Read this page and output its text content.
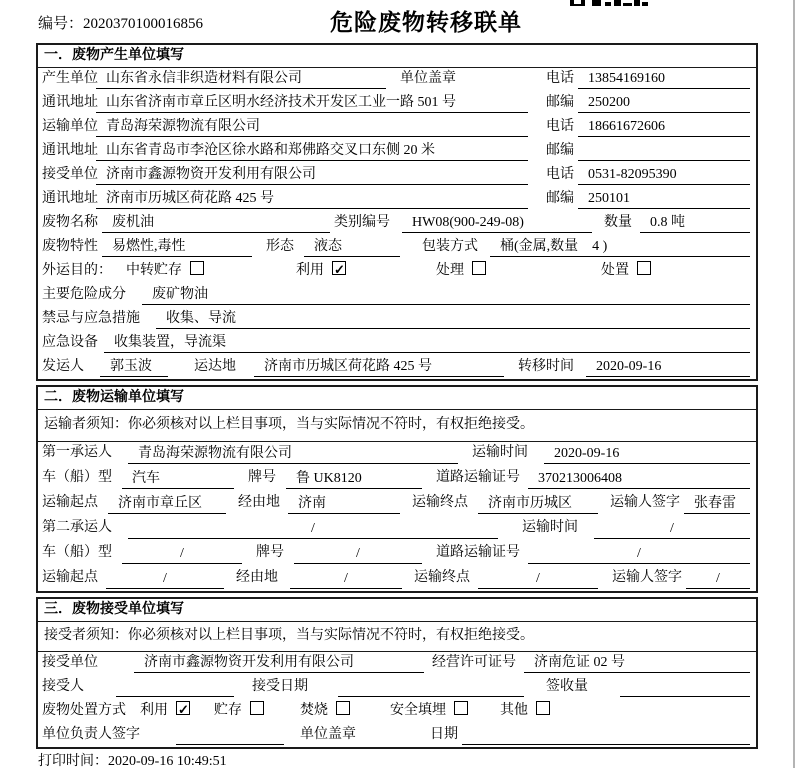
编号：2020370100016856	危险废物转移联单
一．废物产生单位填写
产生单位 山东省永信非织造材料有限公司	单位盖章	电话	13854169160
通讯地址 山东省济南市章丘区明水经济技术开发区工业一路 501 号	邮编	250200
运输单位 青岛海荣源物流有限公司	电话	18661672606
通讯地址 山东省青岛市李沧区徐水路和郑佛路交叉口东侧 20 米	邮编
接受单位 济南市鑫源物资开发利用有限公司	电话	0531-82095390
通讯地址 济南市历城区荷花路 425 号	邮编	250101
废物名称	废机油	类别编号	HW08(900-249-08)	数量	0.8 吨
废物特性	易燃性,毒性	形态	液态	包装方式	桶(金属,数量　4 )
外运目的： 中转贮存	利用 ✓	处理	处置
主要危险成分	废矿物油
禁忌与应急措施	收集、导流
应急设备	收集装置，导流渠
发运人	郭玉波	运达地	济南市历城区荷花路 425 号	转移时间	2020-09-16
二．废物运输单位填写
运输者须知：你必须核对以上栏目事项，当与实际情况不符时，有权拒绝接受。
第一承运人	青岛海荣源物流有限公司	运输时间	2020-09-16
车（船）型	汽车	牌号	鲁 UK8120	道路运输证号	370213006408
运输起点	济南市章丘区	经由地	济南	运输终点	济南市历城区	运输人签字	张春雷
第二承运人	/	运输时间	/
车（船）型	/	牌号	/	道路运输证号	/
运输起点	/	经由地	/	运输终点	/	运输人签字	/
三．废物接受单位填写
接受者须知：你必须核对以上栏目事项，当与实际情况不符时，有权拒绝接受。
接受单位	济南市鑫源物资开发利用有限公司	经营许可证号	济南危证 02 号
接受人	接受日期	签收量
废物处置方式 利用 ✓	贮存	焚烧	安全填埋	其他
单位负责人签字	单位盖章	日期
打印时间：2020-09-16 10:49:51
